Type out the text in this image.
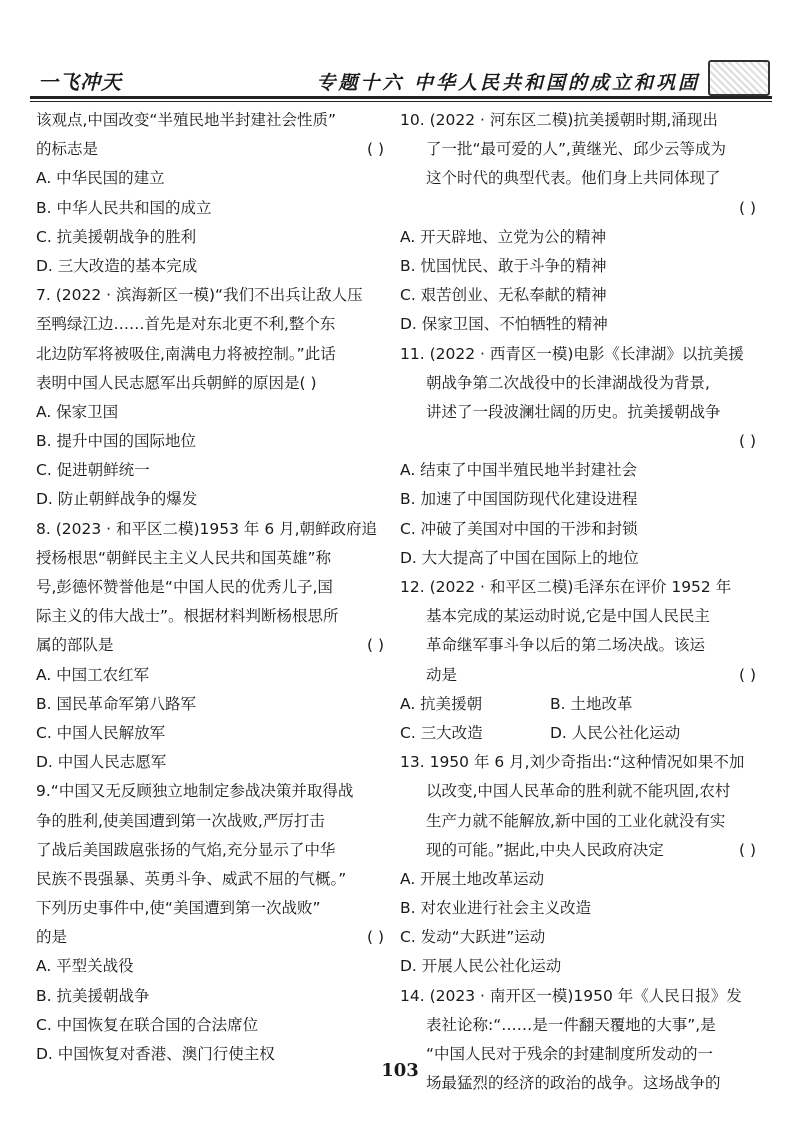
一飞冲天	专题十六 中华人民共和国的成立和巩固
该观点,中国改变“半殖民地半封建社会性质”
的标志是	( )
A. 中华民国的建立
B. 中华人民共和国的成立
C. 抗美援朝战争的胜利
D. 三大改造的基本完成
7. (2022 · 滨海新区一模)“我们不出兵让敌人压
至鸭绿江边……首先是对东北更不利,整个东
北边防军将被吸住,南满电力将被控制。”此话
表明中国人民志愿军出兵朝鲜的原因是( )
A. 保家卫国
B. 提升中国的国际地位
C. 促进朝鲜统一
D. 防止朝鲜战争的爆发
8. (2023 · 和平区二模)1953 年 6 月,朝鲜政府追
授杨根思“朝鲜民主主义人民共和国英雄”称
号,彭德怀赞誉他是“中国人民的优秀儿子,国
际主义的伟大战士”。根据材料判断杨根思所
属的部队是	( )
A. 中国工农红军
B. 国民革命军第八路军
C. 中国人民解放军
D. 中国人民志愿军
9.“中国又无反顾独立地制定参战决策并取得战
争的胜利,使美国遭到第一次战败,严厉打击
了战后美国跋扈张扬的气焰,充分显示了中华
民族不畏强暴、英勇斗争、威武不屈的气概。”
下列历史事件中,使“美国遭到第一次战败”
的是	( )
A. 平型关战役
B. 抗美援朝战争
C. 中国恢复在联合国的合法席位
D. 中国恢复对香港、澳门行使主权
10. (2022 · 河东区二模)抗美援朝时期,涌现出
了一批“最可爱的人”,黄继光、邱少云等成为
这个时代的典型代表。他们身上共同体现了
( )
A. 开天辟地、立党为公的精神
B. 忧国忧民、敢于斗争的精神
C. 艰苦创业、无私奉献的精神
D. 保家卫国、不怕牺牲的精神
11. (2022 · 西青区一模)电影《长津湖》以抗美援
朝战争第二次战役中的长津湖战役为背景,
讲述了一段波澜壮阔的历史。抗美援朝战争
( )
A. 结束了中国半殖民地半封建社会
B. 加速了中国国防现代化建设进程
C. 冲破了美国对中国的干涉和封锁
D. 大大提高了中国在国际上的地位
12. (2022 · 和平区二模)毛泽东在评价 1952 年
基本完成的某运动时说,它是中国人民民主
革命继军事斗争以后的第二场决战。该运
动是	( )
A. 抗美援朝	B. 土地改革
C. 三大改造	D. 人民公社化运动
13. 1950 年 6 月,刘少奇指出:“这种情况如果不加
以改变,中国人民革命的胜利就不能巩固,农村
生产力就不能解放,新中国的工业化就没有实
现的可能。”据此,中央人民政府决定	( )
A. 开展土地改革运动
B. 对农业进行社会主义改造
C. 发动“大跃进”运动
D. 开展人民公社化运动
14. (2023 · 南开区一模)1950 年《人民日报》发
表社论称:“……是一件翻天覆地的大事”,是
“中国人民对于残余的封建制度所发动的一
场最猛烈的经济的政治的战争。这场战争的
103
